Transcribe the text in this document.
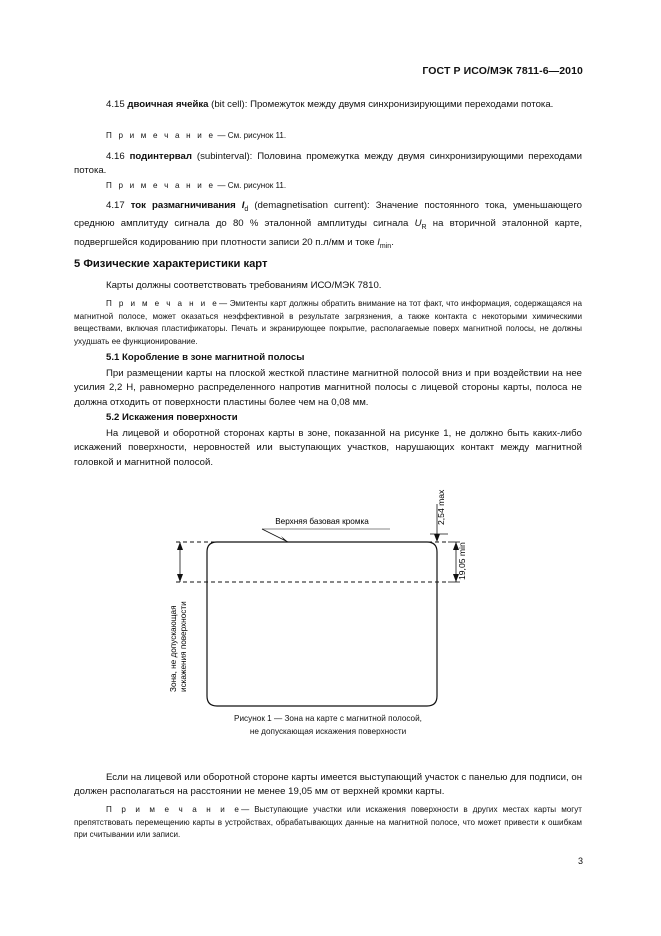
ГОСТ Р ИСО/МЭК 7811-6—2010
4.15 двоичная ячейка (bit cell): Промежуток между двумя синхронизирующими переходами потока.
П р и м е ч а н и е — См. рисунок 11.
4.16 подинтервал (subinterval): Половина промежутка между двумя синхронизирующими переходами потока.
П р и м е ч а н и е — См. рисунок 11.
4.17 ток размагничивания $I_d$ (demagnetisation current): Значение постоянного тока, уменьшающего среднюю амплитуду сигнала до 80 % эталонной амплитуды сигнала $U_R$ на вторичной эталонной карте, подвергшейся кодированию при плотности записи 20 п.л/мм и токе $I_{min}$.
5 Физические характеристики карт
Карты должны соответствовать требованиям ИСО/МЭК 7810.
П р и м е ч а н и е— Эмитенты карт должны обратить внимание на тот факт, что информация, содержащаяся на магнитной полосе, может оказаться неэффективной в результате загрязнения, а также контакта с некоторыми химическими веществами, включая пластификаторы. Печать и экранирующее покрытие, располагаемые поверх магнитной полосы, не должны ухудшать ее функционирование.
5.1 Коробление в зоне магнитной полосы
При размещении карты на плоской жесткой пластине магнитной полосой вниз и при воздействии на нее усилия 2,2 Н, равномерно распределенного напротив магнитной полосы с лицевой стороны карты, полоса не должна отходить от поверхности пластины более чем на 0,08 мм.
5.2 Искажения поверхности
На лицевой и оборотной сторонах карты в зоне, показанной на рисунке 1, не должно быть каких-либо искажений поверхности, неровностей или выступающих участков, нарушающих контакт между магнитной головкой и магнитной полосой.
Верхняя базовая кромка	2,54 max
19,05 min
Зона, не допускающая искажения поверхности
Рисунок 1 — Зона на карте с магнитной полосой,
не допускающая искажения поверхности
Если на лицевой или оборотной стороне карты имеется выступающий участок с панелью для подписи, он должен располагаться на расстоянии не менее 19,05 мм от верхней кромки карты.
П р и м е ч а н и е— Выступающие участки или искажения поверхности в других местах карты могут препятствовать перемещению карты в устройствах, обрабатывающих данные на магнитной полосе, что может привести к ошибкам при считывании или записи.
3
